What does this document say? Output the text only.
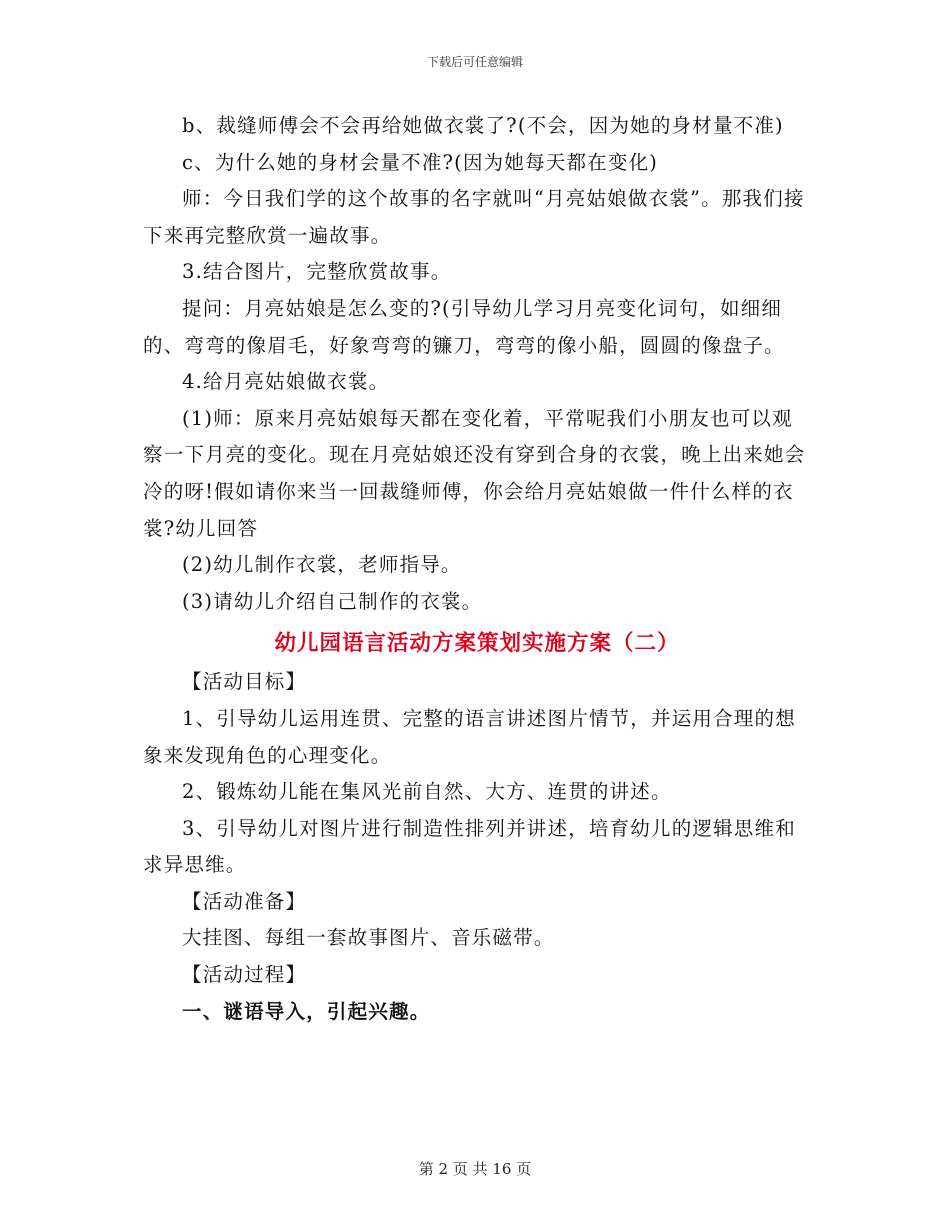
下载后可任意编辑

b、裁缝师傅会不会再给她做衣裳了?(不会，因为她的身材量不准)

c、为什么她的身材会量不准?(因为她每天都在变化)

师：今日我们学的这个故事的名字就叫“月亮姑娘做衣裳”。那我们接下来再完整欣赏一遍故事。

3.结合图片，完整欣赏故事。

提问：月亮姑娘是怎么变的?(引导幼儿学习月亮变化词句，如细细的、弯弯的像眉毛，好象弯弯的镰刀，弯弯的像小船，圆圆的像盘子。

4.给月亮姑娘做衣裳。

(1)师：原来月亮姑娘每天都在变化着，平常呢我们小朋友也可以观察一下月亮的变化。现在月亮姑娘还没有穿到合身的衣裳，晚上出来她会冷的呀!假如请你来当一回裁缝师傅，你会给月亮姑娘做一件什么样的衣裳?幼儿回答

(2)幼儿制作衣裳，老师指导。

(3)请幼儿介绍自己制作的衣裳。

幼儿园语言活动方案策划实施方案（二）

【活动目标】

1、引导幼儿运用连贯、完整的语言讲述图片情节，并运用合理的想象来发现角色的心理变化。

2、锻炼幼儿能在集风光前自然、大方、连贯的讲述。

3、引导幼儿对图片进行制造性排列并讲述，培育幼儿的逻辑思维和求异思维。

【活动准备】

大挂图、每组一套故事图片、音乐磁带。

【活动过程】

一、谜语导入，引起兴趣。

第 2 页 共 16 页
